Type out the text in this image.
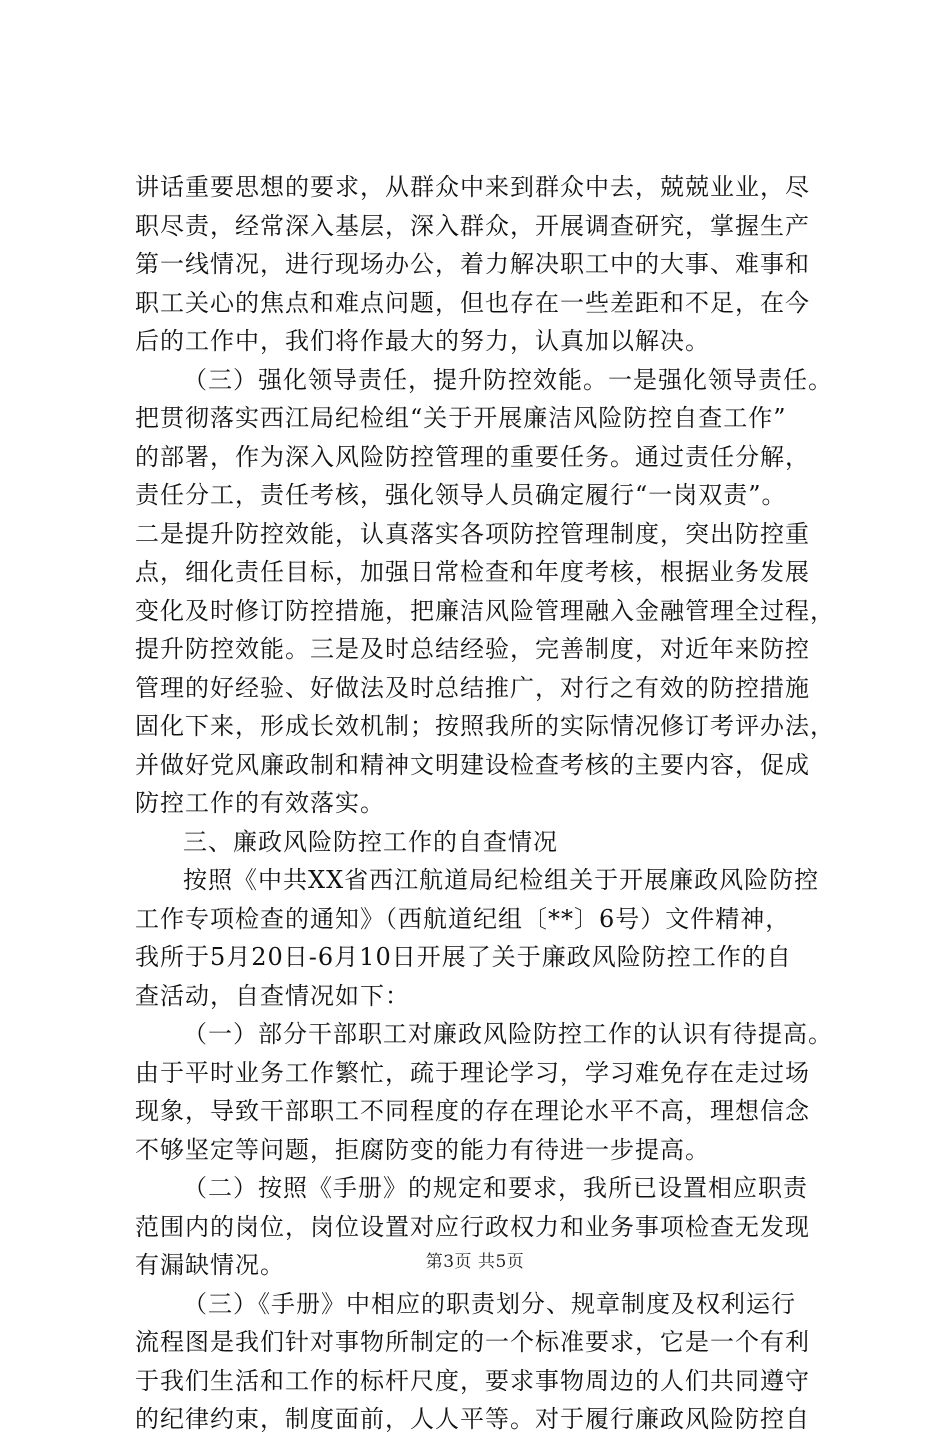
讲话重要思想的要求，从群众中来到群众中去，兢兢业业，尽
职尽责，经常深入基层，深入群众，开展调查研究，掌握生产
第一线情况，进行现场办公，着力解决职工中的大事、难事和
职工关心的焦点和难点问题，但也存在一些差距和不足，在今
后的工作中，我们将作最大的努力，认真加以解决。
（三）强化领导责任，提升防控效能。一是强化领导责任。
把贯彻落实西江局纪检组“关于开展廉洁风险防控自查工作”
的部署，作为深入风险防控管理的重要任务。通过责任分解，
责任分工，责任考核，强化领导人员确定履行“一岗双责”。
二是提升防控效能，认真落实各项防控管理制度，突出防控重
点，细化责任目标，加强日常检查和年度考核，根据业务发展
变化及时修订防控措施，把廉洁风险管理融入金融管理全过程，
提升防控效能。三是及时总结经验，完善制度，对近年来防控
管理的好经验、好做法及时总结推广，对行之有效的防控措施
固化下来，形成长效机制；按照我所的实际情况修订考评办法，
并做好党风廉政制和精神文明建设检查考核的主要内容，促成
防控工作的有效落实。
三、廉政风险防控工作的自查情况
按照《中共XX省西江航道局纪检组关于开展廉政风险防控
工作专项检查的通知》（西航道纪组〔**〕6号）文件精神，
我所于5月20日-6月10日开展了关于廉政风险防控工作的自
查活动，自查情况如下：
（一）部分干部职工对廉政风险防控工作的认识有待提高。
由于平时业务工作繁忙，疏于理论学习，学习难免存在走过场
现象，导致干部职工不同程度的存在理论水平不高，理想信念
不够坚定等问题，拒腐防变的能力有待进一步提高。
（二）按照《手册》的规定和要求，我所已设置相应职责
范围内的岗位，岗位设置对应行政权力和业务事项检查无发现
有漏缺情况。
（三）《手册》中相应的职责划分、规章制度及权利运行
流程图是我们针对事物所制定的一个标准要求，它是一个有利
于我们生活和工作的标杆尺度，要求事物周边的人们共同遵守
的纪律约束，制度面前，人人平等。对于履行廉政风险防控自
第3页 共5页
